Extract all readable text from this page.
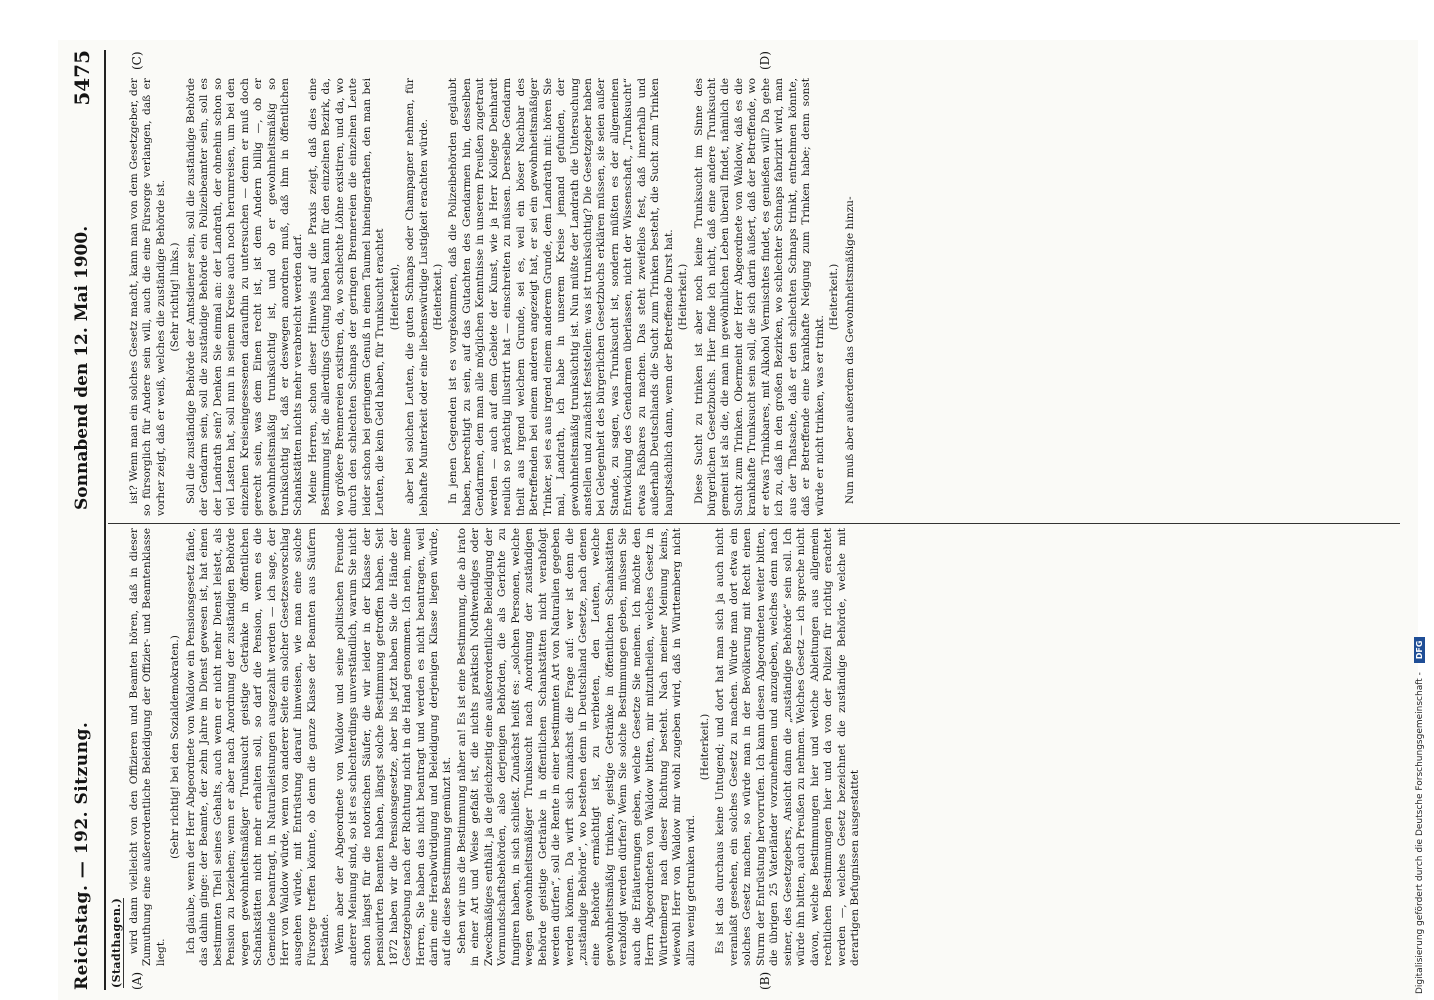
Reichstag. — 192. Sitzung.
Sonnabend den 12. Mai 1900.
5475
(Stadthagen.) (A)	(B)
(C)	(D)

wird dann vielleicht von den Offizieren und Beamten hören, daß in dieser Zumuthung eine außerordentliche Beleidigung der Offizier- und Beamtenklasse liegt.

(Sehr richtig! bei den Sozialdemokraten.) Ich glaube, wenn der Herr Abgeordnete von Waldow ein Pensionsgesetz fände, das dahin ginge: der Beamte, der zehn Jahre im Dienst gewesen ist, hat einen bestimmten Theil seines Gehalts, auch wenn er nicht mehr Dienst leistet, als Pension zu beziehen; wenn er aber nach Anordnung der zuständigen Behörde wegen gewohnheitsmäßiger Trunksucht geistige Getränke in öffentlichen Schankstätten nicht mehr erhalten soll, so darf die Pension, wenn es die Gemeinde beantragt, in Naturalleistungen ausgezahlt werden — ich sage, der Herr von Waldow würde, wenn von anderer Seite ein solcher Gesetzesvorschlag ausgehen würde, mit Entrüstung darauf hinweisen, wie man eine solche Fürsorge treffen könnte, ob denn die ganze Klasse der Beamten aus Säufern bestände. Wenn aber der Abgeordnete von Waldow und seine politischen Freunde anderer Meinung sind, so ist es schlechterdings unverständlich, warum Sie nicht schon längst für die notorischen Säufer, die wir leider in der Klasse der pensionirten Beamten haben, längst solche Bestimmung getroffen haben. Seit 1872 haben wir die Pensionsgesetze, aber bis jetzt haben Sie die Hände der Gesetzgebung nach der Richtung nicht in die Hand genommen. Ich nein, meine Herren, Sie haben das nicht beantragt und werden es nicht beantragen, weil darin eine Herabwürdigung und Beleidigung derjenigen Klasse liegen würde, auf die diese Bestimmung gemünzt ist. Sehen wir uns die Bestimmung näher an! Es ist eine Bestimmung, die ab irato in einer Art und Weise gefaßt ist, die nichts praktisch Nothwendiges oder Zweckmäßiges enthält, ja die gleichzeitig eine außerordentliche Beleidigung der Vormundschaftsbehörden, also derjenigen Behörden, die als Gerichte zu fungiren haben, in sich schließt. Zunächst heißt es: „solchen Personen, welche wegen gewohnheitsmäßiger Trunksucht nach Anordnung der zuständigen Behörde geistige Getränke in öffentlichen Schankstätten nicht verabfolgt werden dürfen“, soll die Rente in einer bestimmten Art von Naturalien gegeben werden können. Da wirft sich zunächst die Frage auf: wer ist denn die „zuständige Behörde“, wo bestehen denn in Deutschland Gesetze, nach denen eine Behörde ermächtigt ist, zu verbieten, den Leuten, welche gewohnheitsmäßig trinken, geistige Getränke in öffentlichen Schankstätten verabfolgt werden dürfen? Wenn Sie solche Bestimmungen geben, müssen Sie auch die Erläuterungen geben, welche Gesetze Sie meinen. Ich möchte den Herrn Abgeordneten von Waldow bitten, mir mitzutheilen, welches Gesetz in Württemberg nach dieser Richtung besteht. Nach meiner Meinung keins, wiewohl Herr von Waldow mir wohl zugeben wird, daß in Württemberg nicht allzu wenig getrunken wird.

(Heiterkeit.) Es ist das durchaus keine Untugend; und dort hat man sich ja auch nicht veranlaßt gesehen, ein solches Gesetz zu machen. Würde man dort etwa ein solches Gesetz machen, so würde man in der Bevölkerung mit Recht einen Sturm der Entrüstung hervorrufen. Ich kann diesen Abgeordneten weiter bitten, die übrigen 25 Vaterländer vorzunehmen und anzugeben, welches denn nach seiner, des Gesetzgebers, Ansicht dann die „zuständige Behörde“ sein soll. Ich würde ihn bitten, auch Preußen zu nehmen. Welches Gesetz — ich spreche nicht davon, welche Bestimmungen hier und welche Ableitungen aus allgemein rechtlichen Bestimmungen hier und da von der Polizei für richtig erachtet werden —, welches Gesetz bezeichnet die zuständige Behörde, welche mit derartigen Befugnissen ausgestattet

ist? Wenn man ein solches Gesetz macht, kann man von dem Gesetzgeber, der so fürsorglich für Andere sein will, auch die eine Fürsorge verlangen, daß er vorher zeigt, daß er weiß, welches die zuständige Behörde ist. (Sehr richtig! links.) Soll die zuständige Behörde der Amtsdiener sein, soll die zuständige Behörde der Gendarm sein, soll die zuständige Behörde ein Polizeibeamter sein, soll es der Landrath sein? Denken Sie einmal an: der Landrath, der ohnehin schon so viel Lasten hat, soll nun in seinem Kreise auch noch herumreisen, um bei den einzelnen Kreiseingesessenen daraufhin zu untersuchen — denn er muß doch gerecht sein, was dem Einen recht ist, ist dem Andern billig —, ob er gewohnheitsmäßig trunksüchtig ist, und ob er gewohnheitsmäßig so trunksüchtig ist, daß er deswegen anordnen muß, daß ihm in öffentlichen Schankstätten nichts mehr verabreicht werden darf. Meine Herren, schon dieser Hinweis auf die Praxis zeigt, daß dies eine Bestimmung ist, die allerdings Geltung haben kann für den einzelnen Bezirk, da, wo größere Brennereien existiren, da, wo schlechte Löhne existiren, und da, wo durch den schlechten Schnaps der geringen Brennereien die einzelnen Leute leider schon bei geringem Genuß in einen Taumel hineingerathen, den man bei Leuten, die kein Geld haben, für Trunksucht erachtet (Heiterkeit), aber bei solchen Leuten, die guten Schnaps oder Champagner nehmen, für lebhafte Munterkeit oder eine liebenswürdige Lustigkeit erachten würde. (Heiterkeit.) In jenen Gegenden ist es vorgekommen, daß die Polizeibehörden geglaubt haben, berechtigt zu sein, auf das Gutachten des Gendarmen hin, desselben Gendarmen, dem man alle möglichen Kenntnisse in unserem Preußen zugetraut werden — auch auf dem Gebiete der Kunst, wie ja Herr Kollege Deinhardt neulich so prächtig illustrirt hat — einschreiten zu müssen. Derselbe Gendarm theilt aus irgend welchem Grunde, sei es, weil ein böser Nachbar des Betreffenden bei einem anderen angezeigt hat, er sei ein gewohnheitsmäßiger Trinker, sei es aus irgend einem anderem Grunde, dem Landrath mit: hören Sie mal, Landrath, ich habe in unserem Kreise jemand gefunden, der gewohnheitsmäßig trunksüchtig ist. Nun müßte der Landrath die Untersuchung anstellen und zunächst feststellen: was ist trunksüchtig? Die Gesetzgeber haben bei Gelegenheit des bürgerlichen Gesetzbuchs erklären müssen, sie seien außer Stande, zu sagen, was Trunksucht ist, sondern müßten es der allgemeinen Entwicklung des Gendarmen überlassen, nicht der Wissenschaft, „Trunksucht“ etwas Faßbares zu machen. Das steht zweifellos fest, daß innerhalb und außerhalb Deutschlands die Sucht zum Trinken besteht, die Sucht zum Trinken hauptsächlich dann, wenn der Betreffende Durst hat. (Heiterkeit.) Diese Sucht zu trinken ist aber noch keine Trunksucht im Sinne des bürgerlichen Gesetzbuchs. Hier finde ich nicht, daß eine andere Trunksucht gemeint ist als die, die man im gewöhnlichen Leben überall findet, nämlich die Sucht zum Trinken. Obermeint der Herr Abgeordnete von Waldow, daß es die krankhafte Trunksucht sein soll, die sich darin äußert, daß der Betreffende, wo er etwas Trinkbares, mit Alkohol Vermischtes findet, es genießen will? Da gehe ich zu, daß in den großen Bezirken, wo schlechter Schnaps fabrizirt wird, man aus der Thatsache, daß er den schlechten Schnaps trinkt, entnehmen könnte, daß er Betreffende eine krankhafte Neigung zum Trinken habe; denn sonst würde er nicht trinken, was er trinkt.

(Heiterkeit.) Nun muß aber außerdem das Gewohnheitsmäßige hinzu-

Digitalisierung gefördert durch die Deutsche Forschungsgemeinschaft - DFG
